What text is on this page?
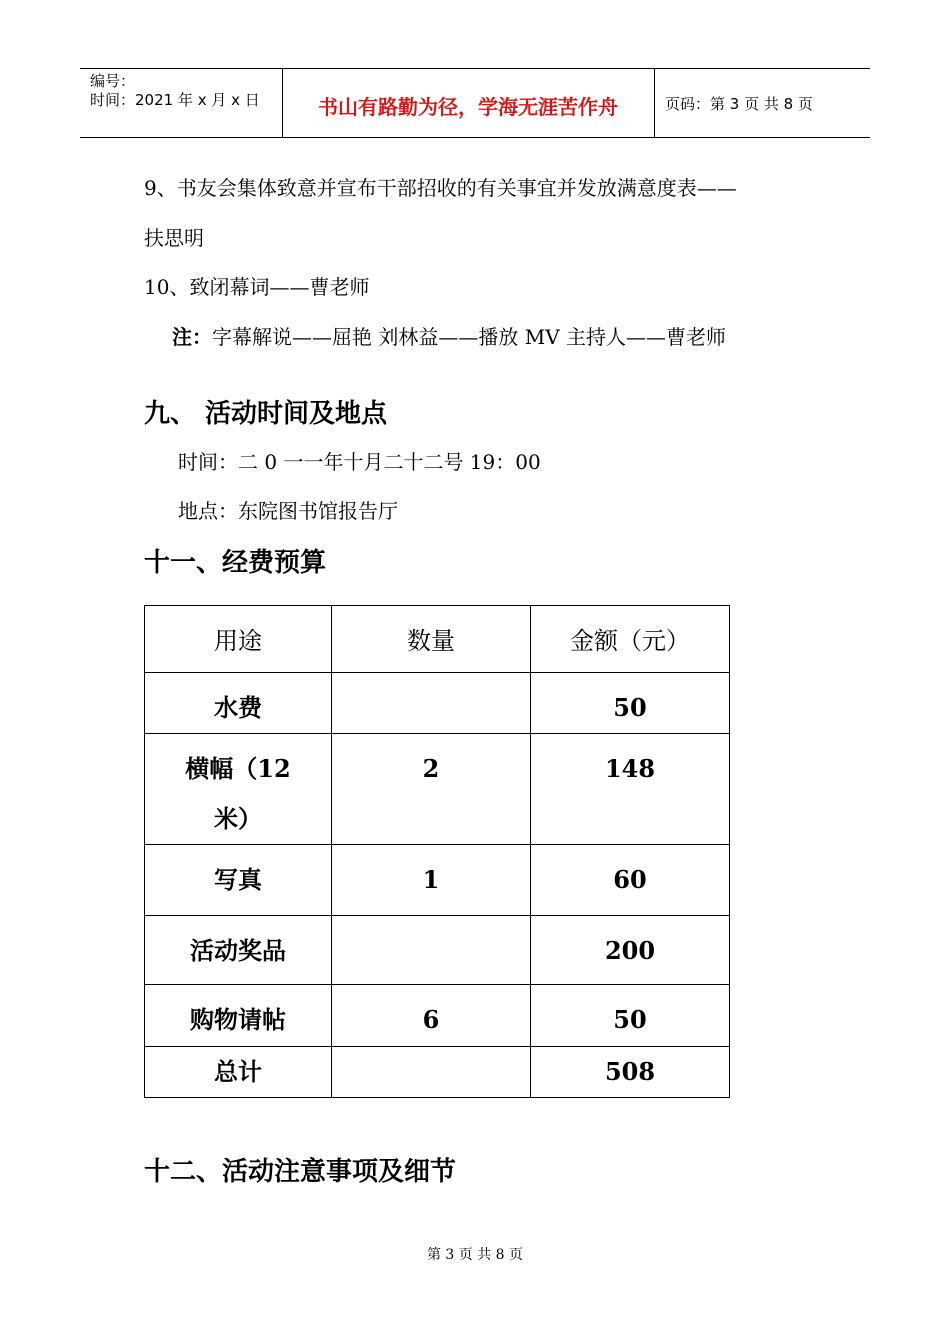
编号：
时间：2021 年 x 月 x 日	书山有路勤为径，学海无涯苦作舟	页码：第 3 页 共 8 页
9、书友会集体致意并宣布干部招收的有关事宜并发放满意度表——
扶思明
10、致闭幕词——曹老师
注：字幕解说——屈艳 刘林益——播放 MV 主持人——曹老师
九、 活动时间及地点
时间：二 0 一一年十月二十二号 19：00
地点：东院图书馆报告厅
十一、经费预算
用途	数量	金额（元）

水费		50

横幅（12 米）	2	148

写真	1	60

活动奖品		200

购物请帖	6	50

总计		508
十二、活动注意事项及细节
第 3 页 共 8 页
